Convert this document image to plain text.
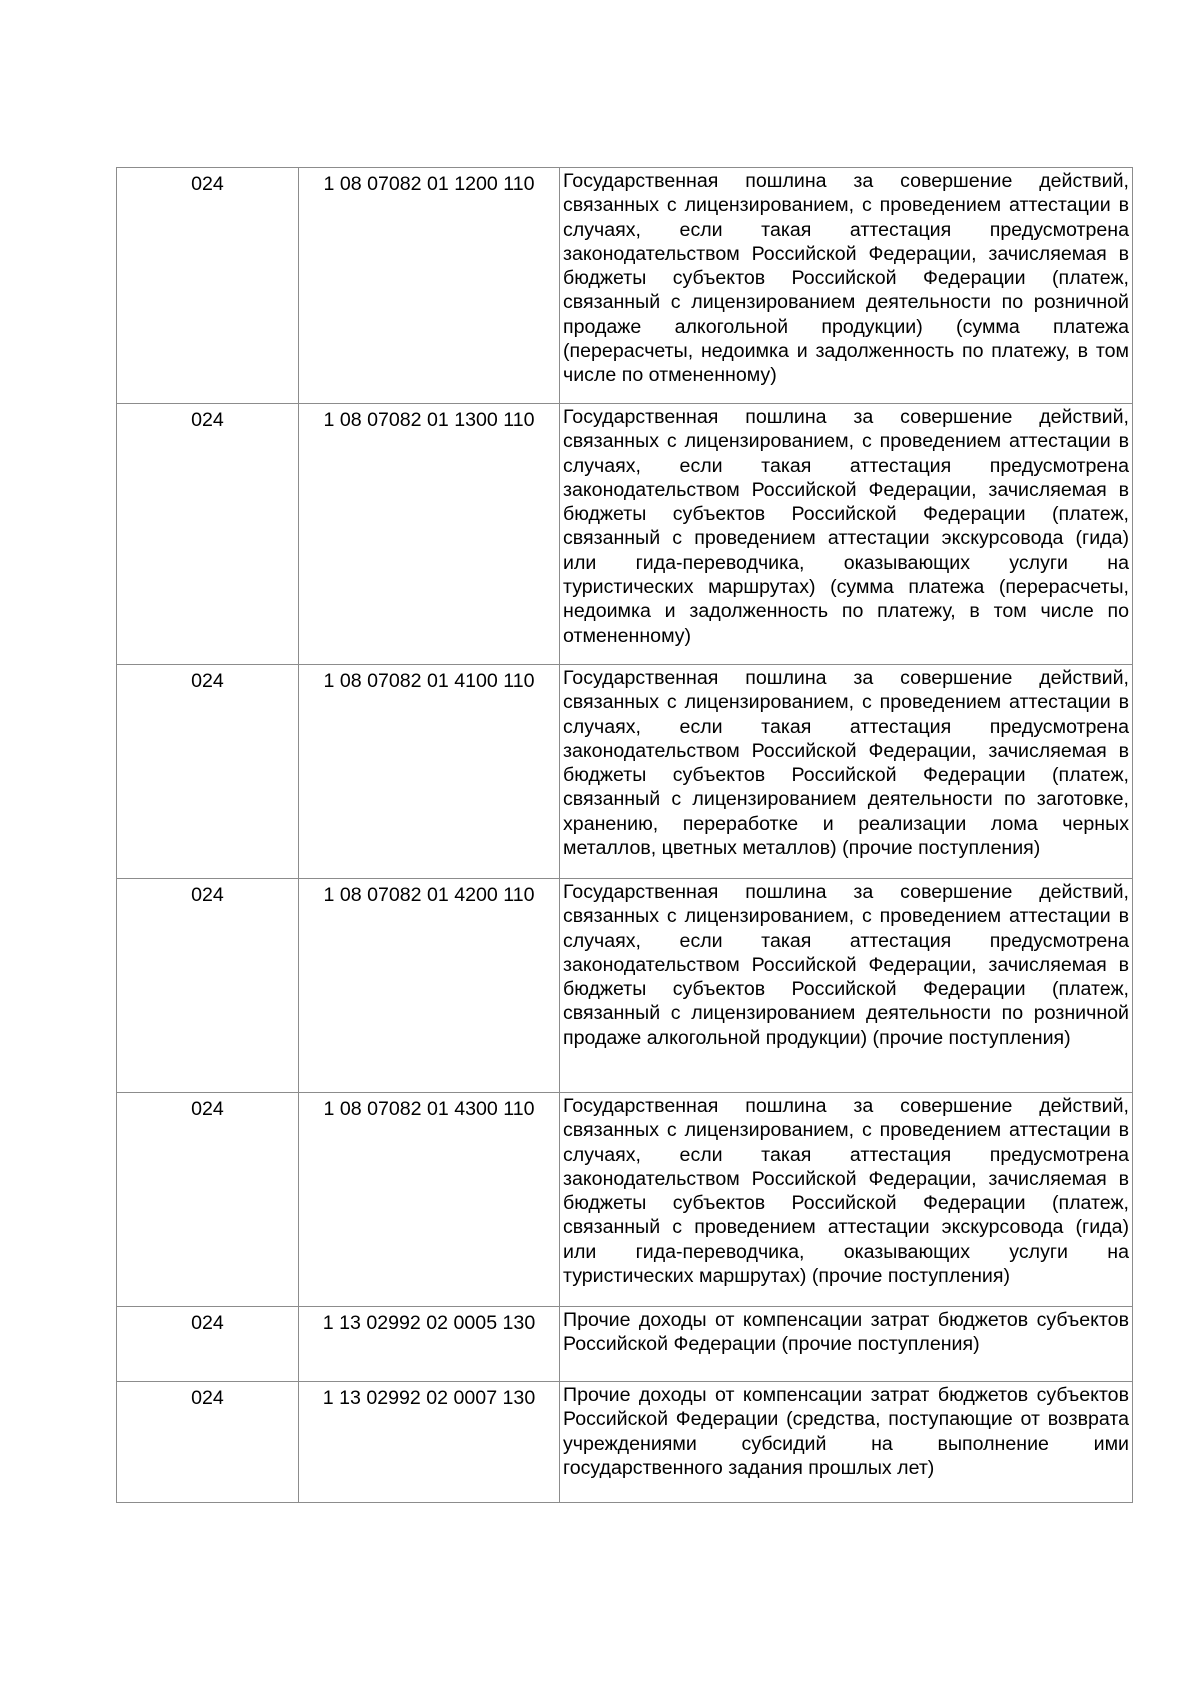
024	1 08 07082 01 1200 110	Государственная пошлина за совершение действий, связанных с лицензированием, с проведением аттестации в случаях, если такая аттестация предусмотрена законодательством Российской Федерации, зачисляемая в бюджеты субъектов Российской Федерации (платеж, связанный с лицензированием деятельности по розничной продаже алкогольной продукции) (сумма платежа (перерасчеты, недоимка и задолженность по платежу, в том числе по отмененному)

024	1 08 07082 01 1300 110	Государственная пошлина за совершение действий, связанных с лицензированием, с проведением аттестации в случаях, если такая аттестация предусмотрена законодательством Российской Федерации, зачисляемая в бюджеты субъектов Российской Федерации (платеж, связанный с проведением аттестации экскурсовода (гида) или гида-переводчика, оказывающих услуги на туристических маршрутах) (сумма платежа (перерасчеты, недоимка и задолженность по платежу, в том числе по отмененному)

024	1 08 07082 01 4100 110	Государственная пошлина за совершение действий, связанных с лицензированием, с проведением аттестации в случаях, если такая аттестация предусмотрена законодательством Российской Федерации, зачисляемая в бюджеты субъектов Российской Федерации (платеж, связанный с лицензированием деятельности по заготовке, хранению, переработке и реализации лома черных металлов, цветных металлов) (прочие поступления)

024	1 08 07082 01 4200 110	Государственная пошлина за совершение действий, связанных с лицензированием, с проведением аттестации в случаях, если такая аттестация предусмотрена законодательством Российской Федерации, зачисляемая в бюджеты субъектов Российской Федерации (платеж, связанный с лицензированием деятельности по розничной продаже алкогольной продукции) (прочие поступления)

024	1 08 07082 01 4300 110	Государственная пошлина за совершение действий, связанных с лицензированием, с проведением аттестации в случаях, если такая аттестация предусмотрена законодательством Российской Федерации, зачисляемая в бюджеты субъектов Российской Федерации (платеж, связанный с проведением аттестации экскурсовода (гида) или гида-переводчика, оказывающих услуги на туристических маршрутах) (прочие поступления)

024	1 13 02992 02 0005 130	Прочие доходы от компенсации затрат бюджетов субъектов Российской Федерации (прочие поступления)

024	1 13 02992 02 0007 130	Прочие доходы от компенсации затрат бюджетов субъектов Российской Федерации (средства, поступающие от возврата учреждениями субсидий на выполнение ими государственного задания прошлых лет)
